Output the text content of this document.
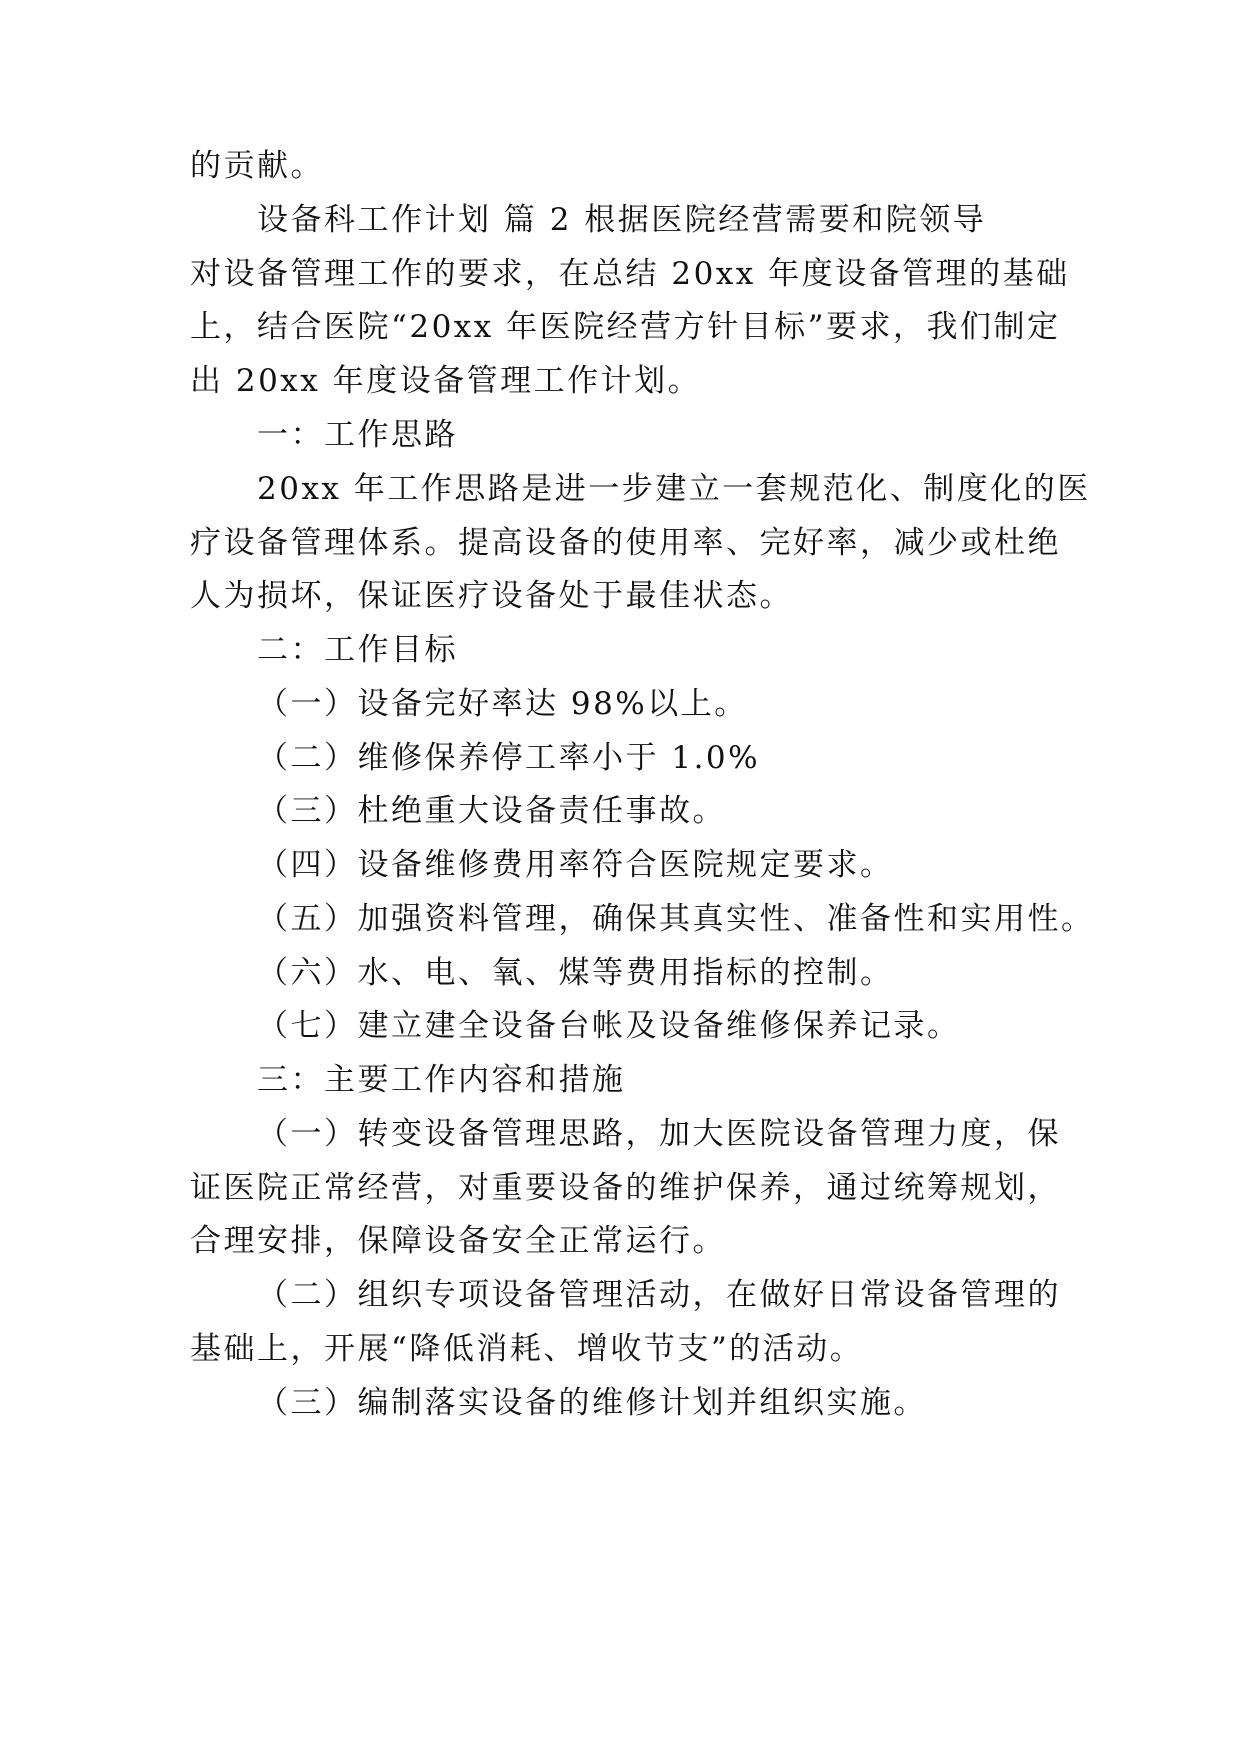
的贡献。
设备科工作计划 篇 2 根据医院经营需要和院领导
对设备管理工作的要求，在总结 20xx 年度设备管理的基础
上，结合医院“20xx 年医院经营方针目标”要求，我们制定
出 20xx 年度设备管理工作计划。
一：工作思路
20xx 年工作思路是进一步建立一套规范化、制度化的医
疗设备管理体系。提高设备的使用率、完好率，减少或杜绝
人为损坏，保证医疗设备处于最佳状态。
二：工作目标
（一）设备完好率达 98%以上。
（二）维修保养停工率小于 1.0%
（三）杜绝重大设备责任事故。
（四）设备维修费用率符合医院规定要求。
（五）加强资料管理，确保其真实性、准备性和实用性。
（六）水、电、氧、煤等费用指标的控制。
（七）建立建全设备台帐及设备维修保养记录。
三：主要工作内容和措施
（一）转变设备管理思路，加大医院设备管理力度，保
证医院正常经营，对重要设备的维护保养，通过统筹规划，
合理安排，保障设备安全正常运行。
（二）组织专项设备管理活动，在做好日常设备管理的
基础上，开展“降低消耗、增收节支”的活动。
（三）编制落实设备的维修计划并组织实施。
